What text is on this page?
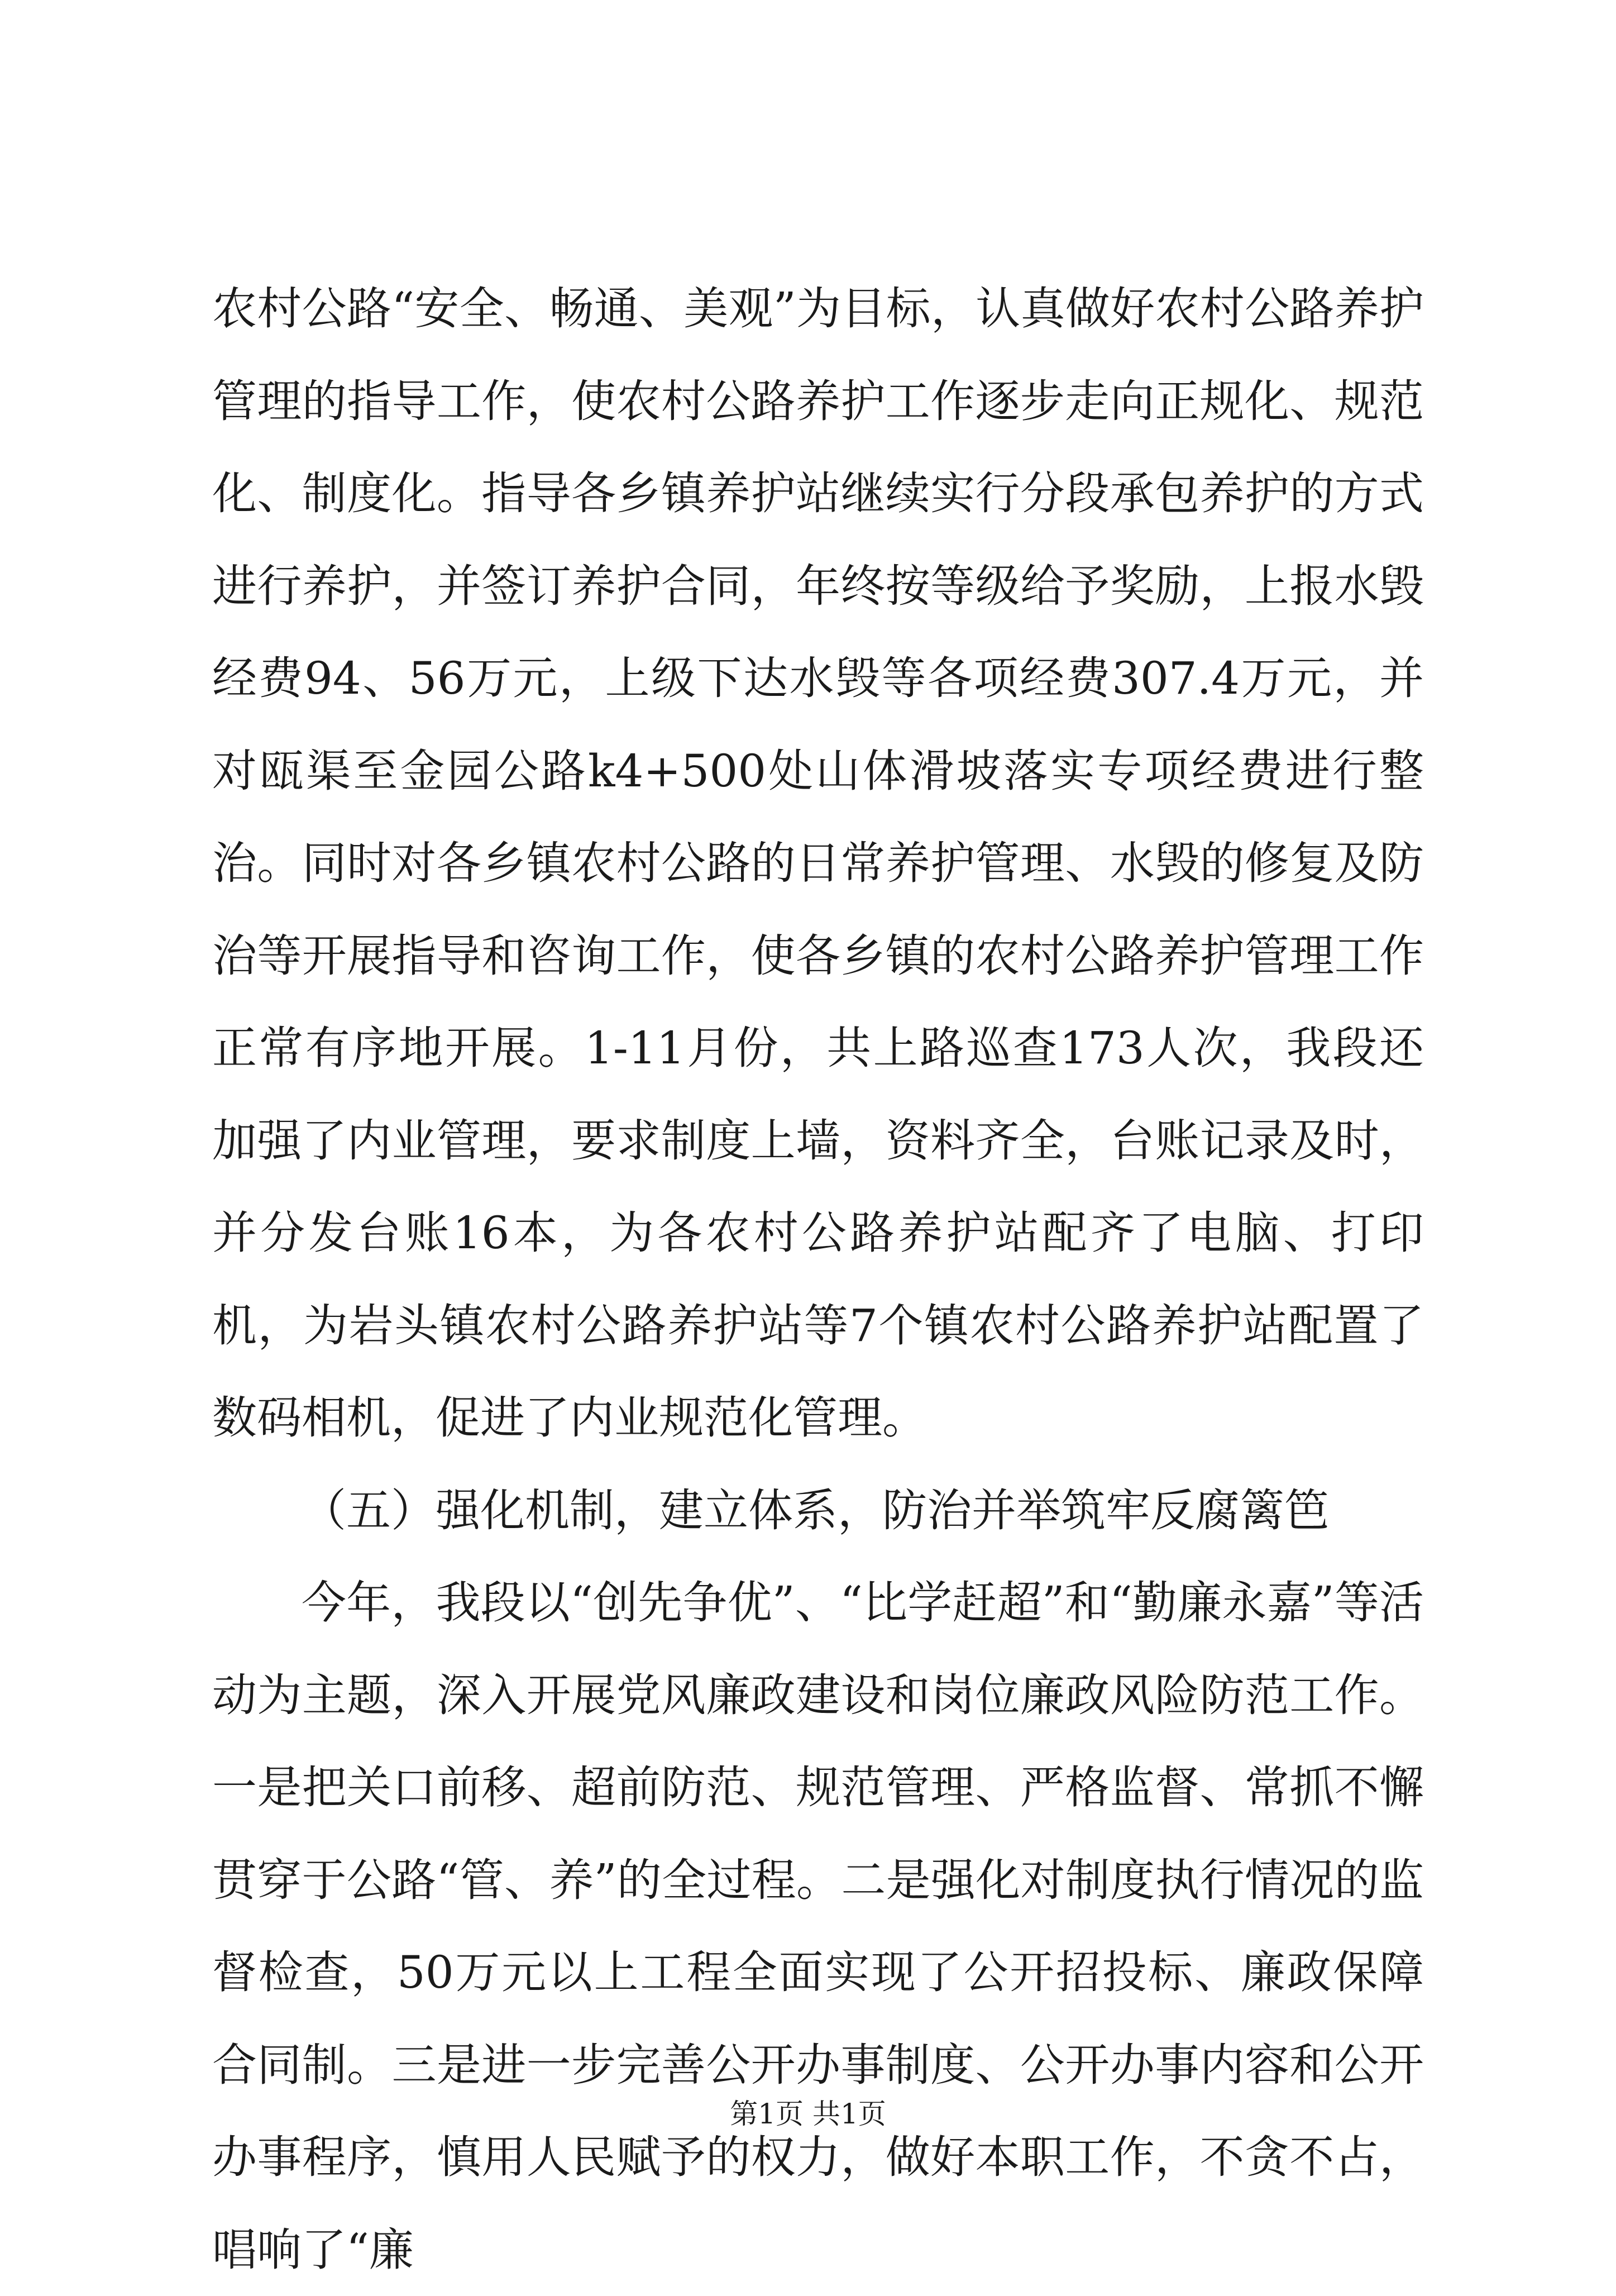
农村公路“安全、畅通、美观”为目标，认真做好农村公路养护管理的指导工作，使农村公路养护工作逐步走向正规化、规范化、制度化。指导各乡镇养护站继续实行分段承包养护的方式进行养护，并签订养护合同，年终按等级给予奖励，上报水毁经费94、56万元，上级下达水毁等各项经费307.4万元，并对瓯渠至金园公路k4+500处山体滑坡落实专项经费进行整治。同时对各乡镇农村公路的日常养护管理、水毁的修复及防治等开展指导和咨询工作，使各乡镇的农村公路养护管理工作正常有序地开展。1-11月份，共上路巡查173人次，我段还加强了内业管理，要求制度上墙，资料齐全，台账记录及时，并分发台账16本，为各农村公路养护站配齐了电脑、打印机，为岩头镇农村公路养护站等7个镇农村公路养护站配置了数码相机，促进了内业规范化管理。

（五）强化机制，建立体系，防治并举筑牢反腐篱笆

今年，我段以“创先争优”、“比学赶超”和“勤廉永嘉”等活动为主题，深入开展党风廉政建设和岗位廉政风险防范工作。一是把关口前移、超前防范、规范管理、严格监督、常抓不懈贯穿于公路“管、养”的全过程。二是强化对制度执行情况的监督检查，50万元以上工程全面实现了公开招投标、廉政保障合同制。三是进一步完善公开办事制度、公开办事内容和公开办事程序，慎用人民赋予的权力，做好本职工作，不贪不占，唱响了“廉

第1页 共1页
